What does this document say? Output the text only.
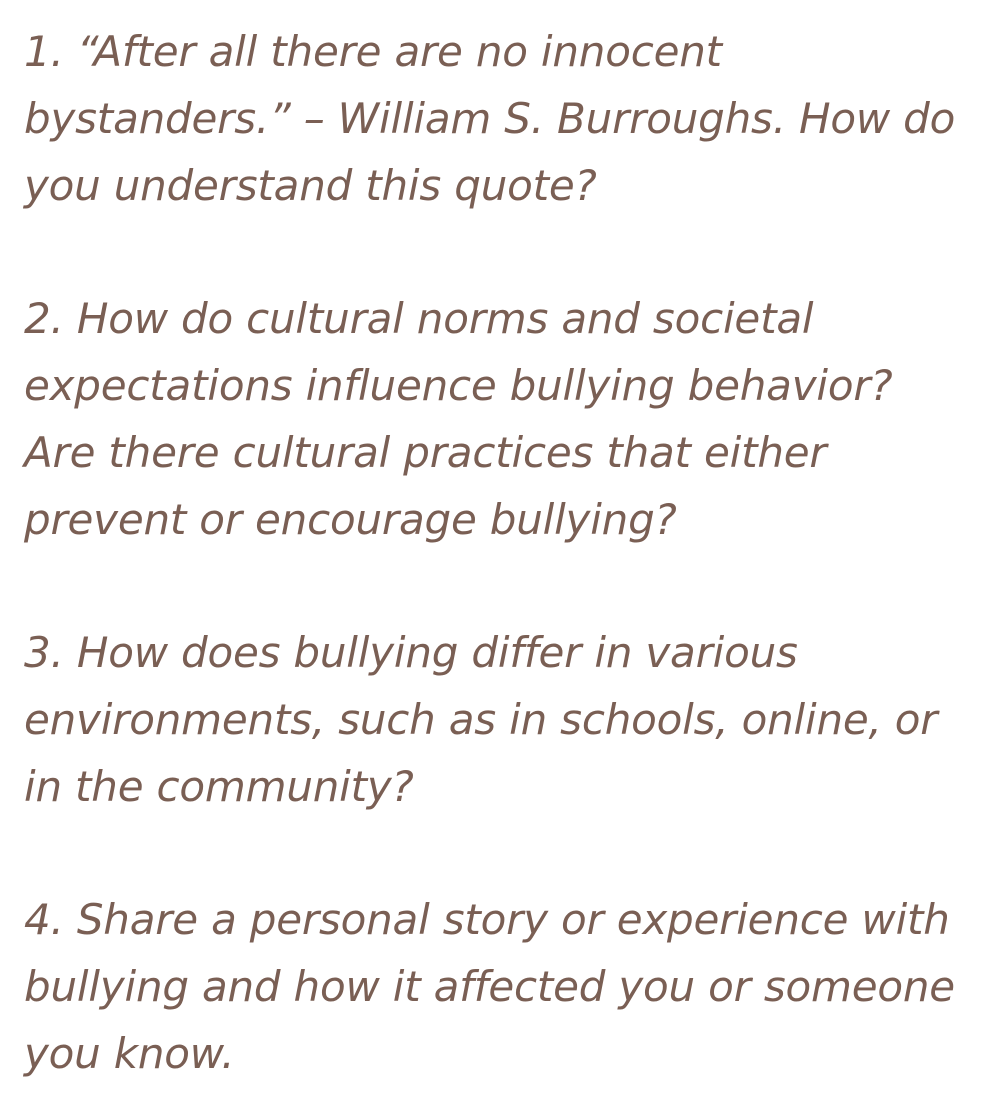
1. “After all there are no innocent bystanders.” – William S. Burroughs. How do you understand this quote?

2. How do cultural norms and societal expectations influence bullying behavior? Are there cultural practices that either prevent or encourage bullying?

3. How does bullying differ in various environments, such as in schools, online, or in the community?

4. Share a personal story or experience with bullying and how it affected you or someone you know.
